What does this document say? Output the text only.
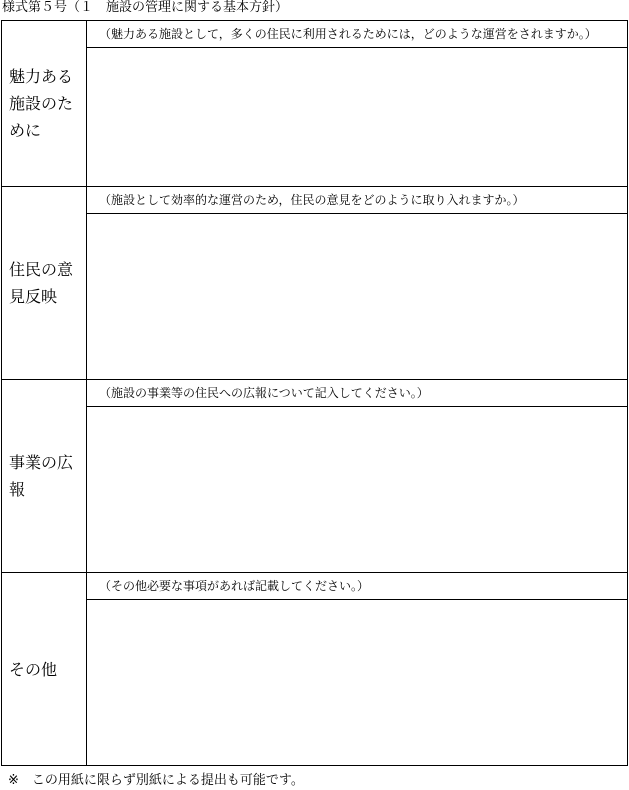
様式第５号（１　施設の管理に関する基本方針）
魅力ある施設のために	（魅力ある施設として，多くの住民に利用されるためには，どのような運営をされますか。）

住民の意見反映	（施設として効率的な運営のため，住民の意見をどのように取り入れますか。）

事業の広報	（施設の事業等の住民への広報について記入してください。）

その他	（その他必要な事項があれば記載してください。）

※　この用紙に限らず別紙による提出も可能です。
